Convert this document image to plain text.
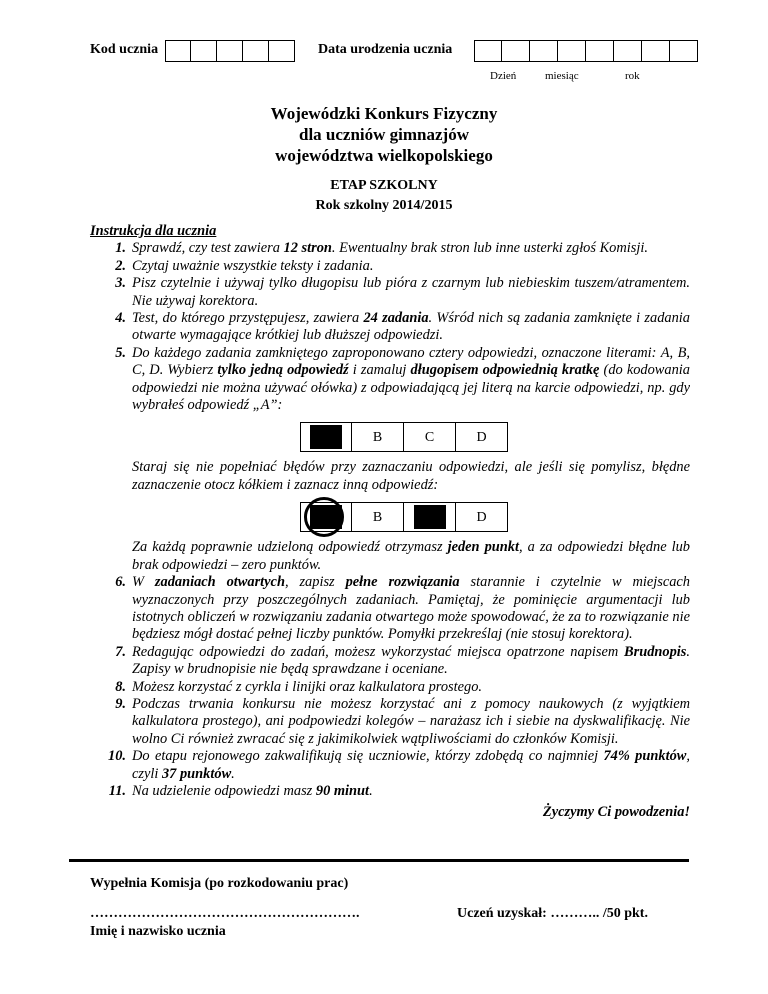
Kod ucznia	Data urodzenia ucznia
Dzień	miesiąc	rok
Wojewódzki Konkurs Fizyczny
dla uczniów gimnazjów
województwa wielkopolskiego
ETAP SZKOLNY
Rok szkolny 2014/2015

Instrukcja dla ucznia

1. Sprawdź, czy test zawiera 12 stron. Ewentualny brak stron lub inne usterki zgłoś Komisji.
2. Czytaj uważnie wszystkie teksty i zadania.
3. Pisz czytelnie i używaj tylko długopisu lub pióra z czarnym lub niebieskim tuszem/atramentem. Nie używaj korektora.
4. Test, do którego przystępujesz, zawiera 24 zadania. Wśród nich są zadania zamknięte i zadania otwarte wymagające krótkiej lub dłuższej odpowiedzi.
5. Do każdego zadania zamkniętego zaproponowano cztery odpowiedzi, oznaczone literami: A, B, C, D. Wybierz tylko jedną odpowiedź i zamaluj długopisem odpowiednią kratkę (do kodowania odpowiedzi nie można używać ołówka) z odpowiadającą jej literą na karcie odpowiedzi, np. gdy wybrałeś odpowiedź „A”:
B	C	D
Staraj się nie popełniać błędów przy zaznaczaniu odpowiedzi, ale jeśli się pomylisz, błędne zaznaczenie otocz kółkiem i zaznacz inną odpowiedź:
B	D
Za każdą poprawnie udzieloną odpowiedź otrzymasz jeden punkt, a za odpowiedzi błędne lub brak odpowiedzi – zero punktów.
6. W zadaniach otwartych, zapisz pełne rozwiązania starannie i czytelnie w miejscach wyznaczonych przy poszczególnych zadaniach. Pamiętaj, że pominięcie argumentacji lub istotnych obliczeń w rozwiązaniu zadania otwartego może spowodować, że za to rozwiązanie nie będziesz mógł dostać pełnej liczby punktów. Pomyłki przekreślaj (nie stosuj korektora).
7. Redagując odpowiedzi do zadań, możesz wykorzystać miejsca opatrzone napisem Brudnopis. Zapisy w brudnopisie nie będą sprawdzane i oceniane.
8. Możesz korzystać z cyrkla i linijki oraz kalkulatora prostego.
9. Podczas trwania konkursu nie możesz korzystać ani z pomocy naukowych (z wyjątkiem kalkulatora prostego), ani podpowiedzi kolegów – narażasz ich i siebie na dyskwalifikację. Nie wolno Ci również zwracać się z jakimikolwiek wątpliwościami do członków Komisji.
10. Do etapu rejonowego zakwalifikują się uczniowie, którzy zdobędą co najmniej 74% punktów, czyli 37 punktów.
11. Na udzielenie odpowiedzi masz 90 minut.

Życzymy Ci powodzenia!

Wypełnia Komisja (po rozkodowaniu prac)
………………………………………………….
Imię i nazwisko ucznia
Uczeń uzyskał: ……….. /50 pkt.
